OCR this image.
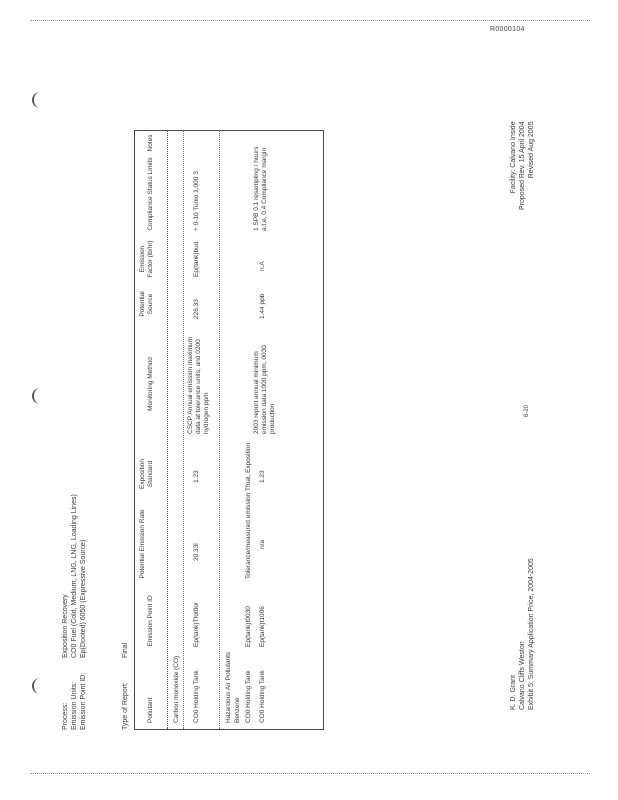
R0000104
Process:Exposition Recovery
Emission Units:CO0 Fuel (Cold, Medium, LNG, LNG, Loading Lines)
Emission Point ID:Ep(Dooted) 6050 (Expressive Source)
Type of Report:Final
Pollutant
Emission Point ID
Potential Emission Rate
Exposition Standard
Monitoring Method
Potential Source
Emission Factor (lb/hr)
Compliance Status Limits
Notes
Carbon monoxide (CO) CO0 Holding Tank
Ep(tank)Tfot0or
20.33ǐ
1.23
CSCP Annual emission maximum data at tolerance units, and 0200 hydrogen ppm
226.33
Ep(tank)bud
+ 0-10 Tunio 1,000 3
Hazardous Air Pollutants Benzene CO0 Holding Tank
Ep(tank)t0030
Tolerance/measured emission Tfoal, Exposition
CO0 Holding Tank
Ep(tank)t1006
n/a
1.23
2003 report annual minimum emission data 1000 ppm, 0030 production
1.44 ppb
n.A
1 SPB 0.1 resampling / hours a,t,e, 0.4 Compliance margin
K. D. Grant Calvano Cliffs Weston Exhibit 5: Summary Application Price, 2004-2005
6-20
Facility: Calvano Inside Proposed Rev. 15 April 2004 Revised Aug 2005
